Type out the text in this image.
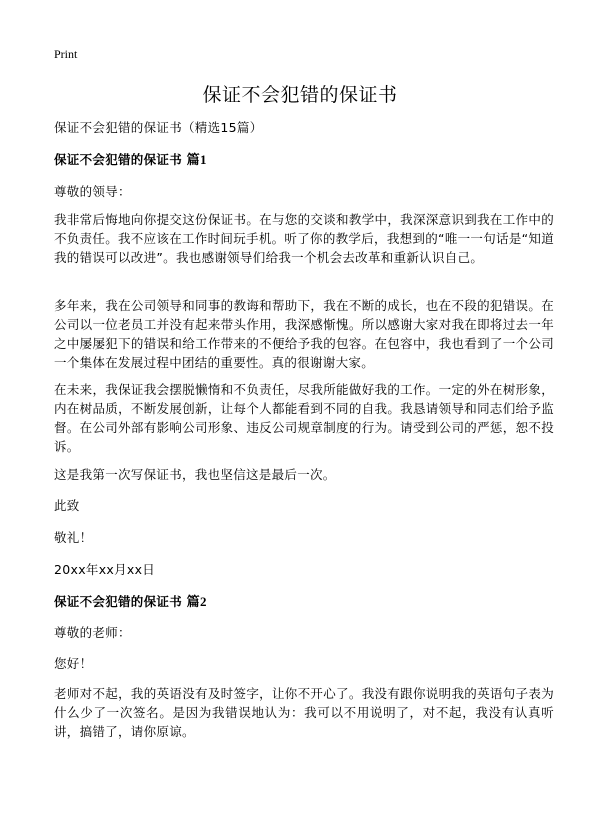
Print
保证不会犯错的保证书

保证不会犯错的保证书（精选15篇）

保证不会犯错的保证书 篇1

尊敬的领导：

我非常后悔地向你提交这份保证书。在与您的交谈和教学中，我深深意识到我在工作中的不负责任。我不应该在工作时间玩手机。听了你的教学后，我想到的“唯一一句话是“知道我的错误可以改进”。我也感谢领导们给我一个机会去改革和重新认识自己。

多年来，我在公司领导和同事的教诲和帮助下，我在不断的成长，也在不段的犯错误。在公司以一位老员工并没有起来带头作用，我深感惭愧。所以感谢大家对我在即将过去一年之中屡屡犯下的错误和给工作带来的不便给予我的包容。在包容中，我也看到了一个公司一个集体在发展过程中团结的重要性。真的很谢谢大家。

在未来，我保证我会摆脱懒惰和不负责任，尽我所能做好我的工作。一定的外在树形象，内在树品质，不断发展创新，让每个人都能看到不同的自我。我恳请领导和同志们给予监督。在公司外部有影响公司形象、违反公司规章制度的行为。请受到公司的严惩，恕不投诉。

这是我第一次写保证书，我也坚信这是最后一次。

此致

敬礼！

20xx年xx月xx日

保证不会犯错的保证书 篇2

尊敬的老师：

您好！

老师对不起，我的英语没有及时签字，让你不开心了。我没有跟你说明我的英语句子表为什么少了一次签名。是因为我错误地认为：我可以不用说明了，对不起，我没有认真听讲，搞错了，请你原谅。
